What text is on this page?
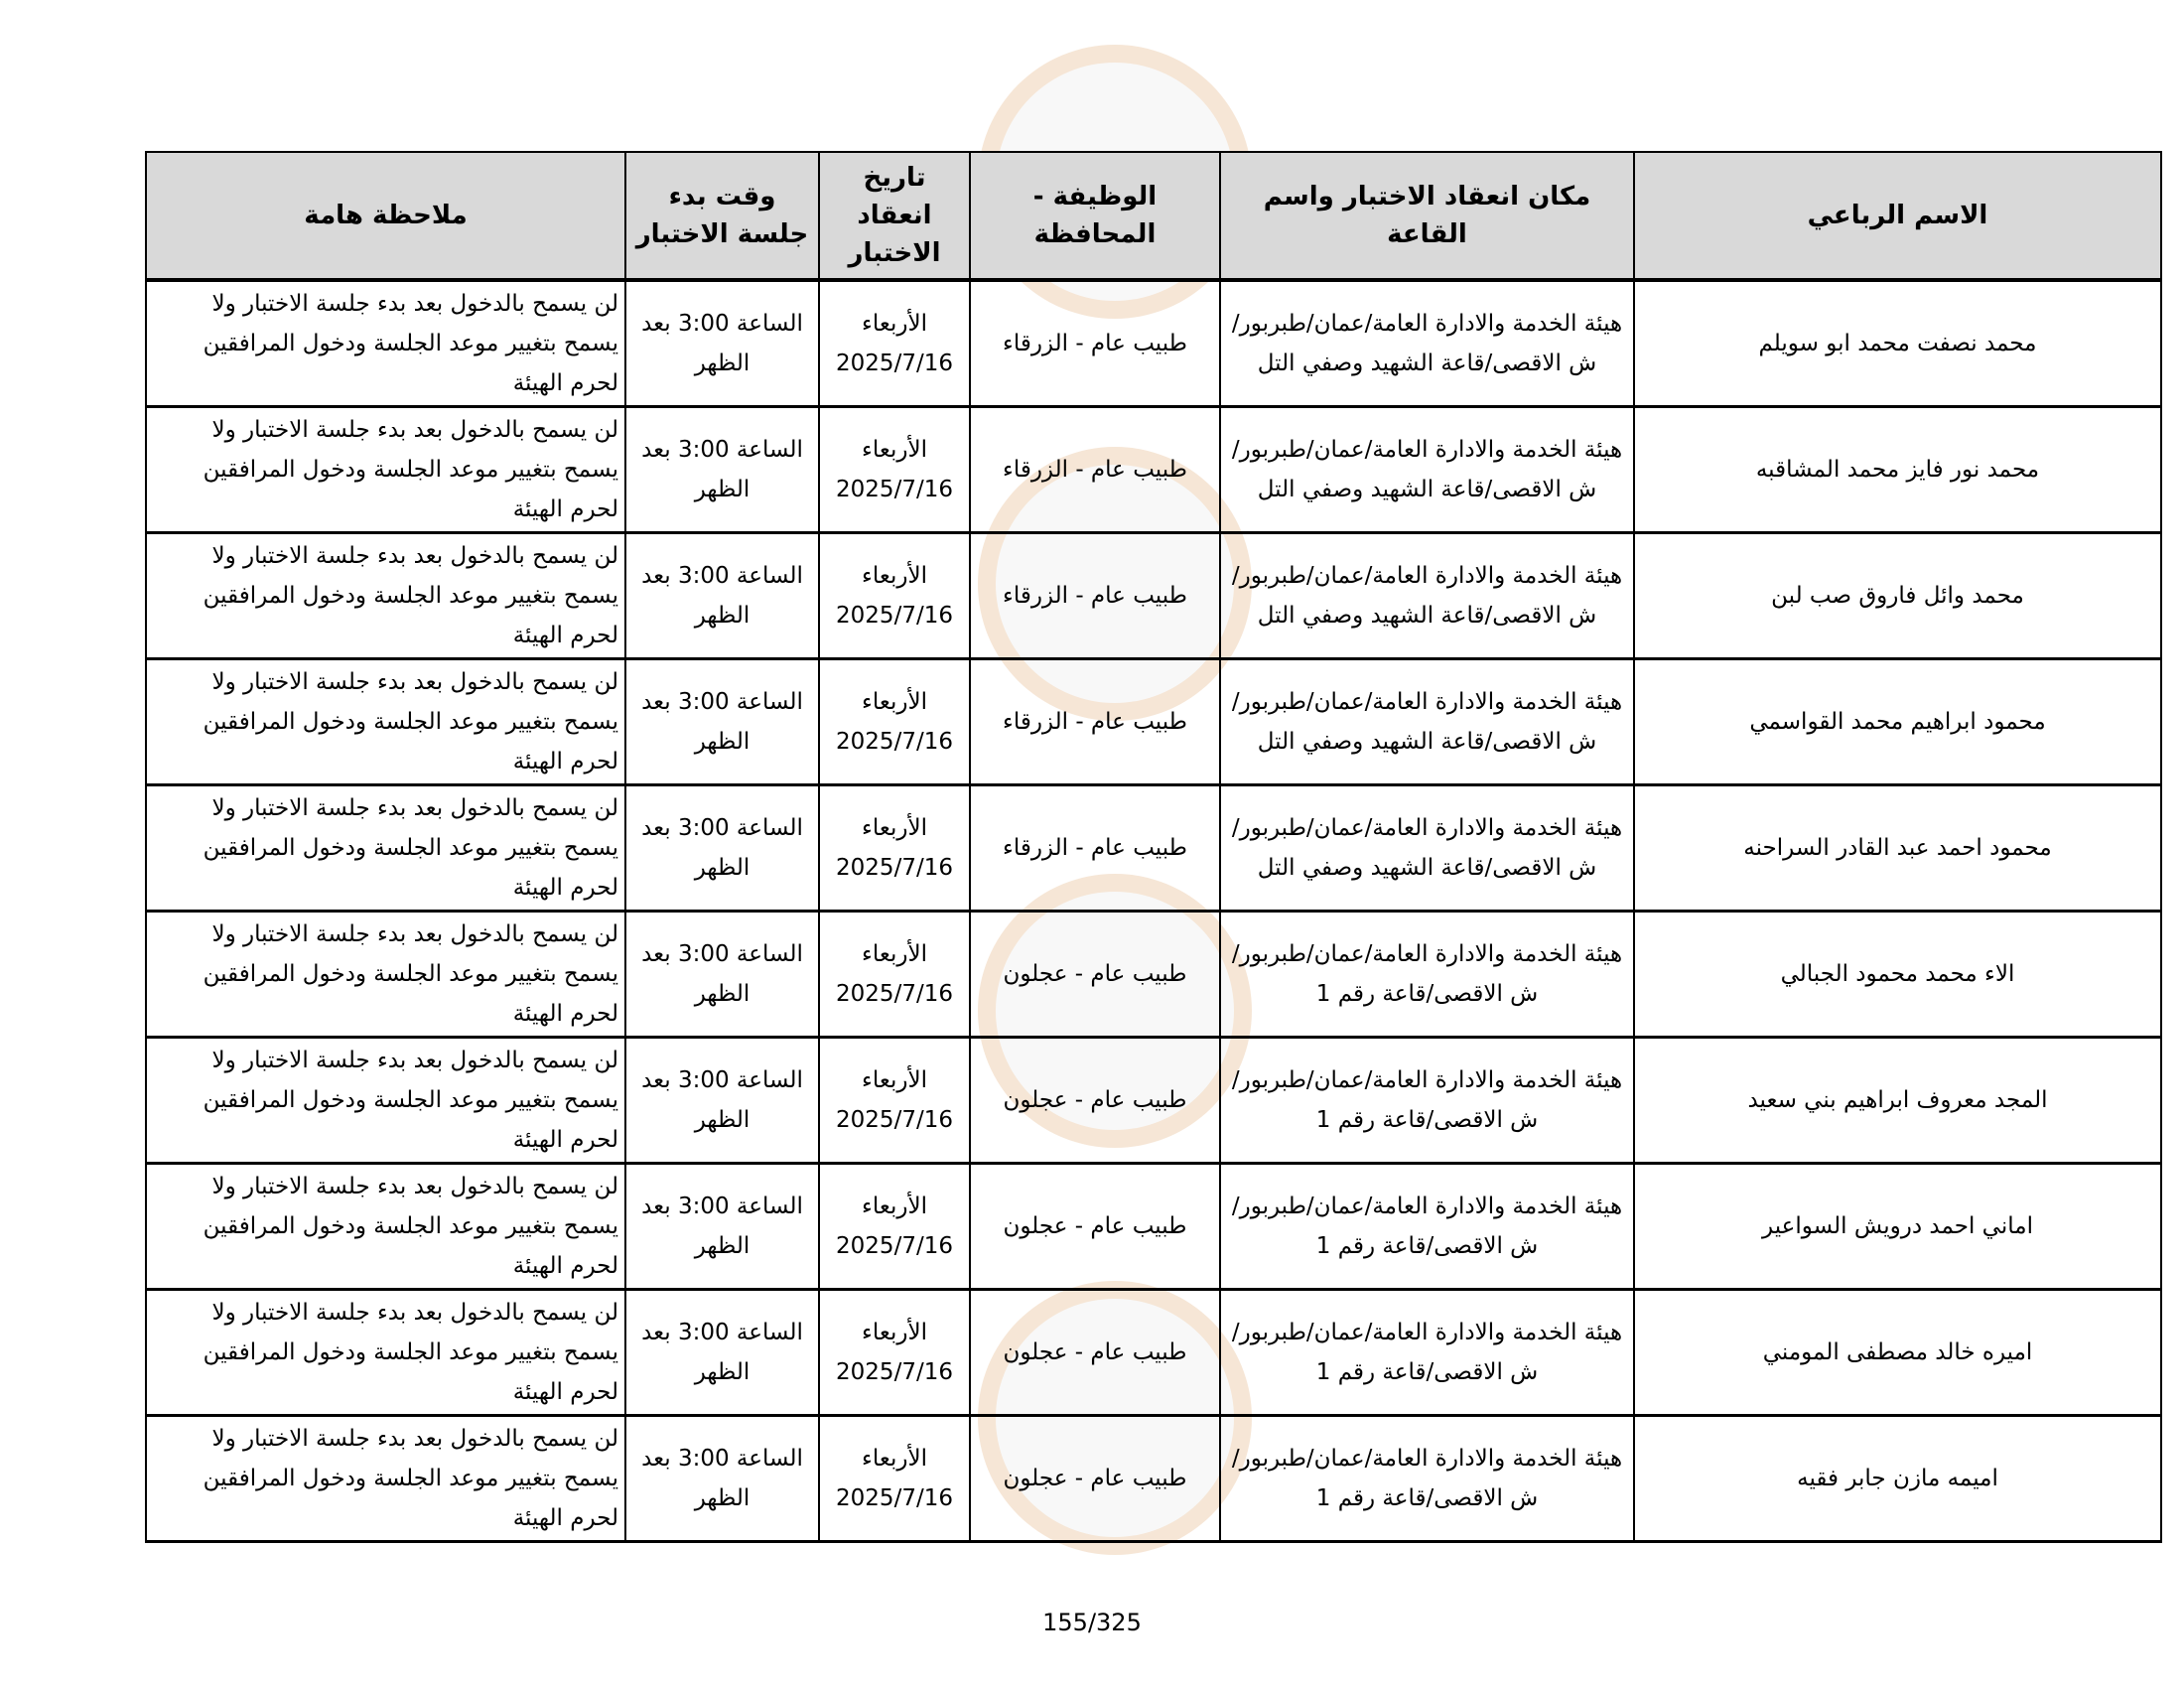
الاسم الرباعي	مكان انعقاد الاختبار واسم القاعة	الوظيفة - المحافظة	تاريخ انعقاد الاختبار	وقت بدء جلسة الاختبار	ملاحظة هامة
محمد نصفت محمد ابو سويلم	هيئة الخدمة والادارة العامة/عمان/طبربور/ش الاقصى/قاعة الشهيد وصفي التل	طبيب عام - الزرقاء	الأربعاء 2025/7/16	الساعة 3:00 بعد الظهر	لن يسمح بالدخول بعد بدء جلسة الاختبار ولا يسمح بتغيير موعد الجلسة ودخول المرافقين لحرم الهيئة
محمد نور فايز محمد المشاقبه	هيئة الخدمة والادارة العامة/عمان/طبربور/ش الاقصى/قاعة الشهيد وصفي التل	طبيب عام - الزرقاء	الأربعاء 2025/7/16	الساعة 3:00 بعد الظهر	لن يسمح بالدخول بعد بدء جلسة الاختبار ولا يسمح بتغيير موعد الجلسة ودخول المرافقين لحرم الهيئة
محمد وائل فاروق صب لبن	هيئة الخدمة والادارة العامة/عمان/طبربور/ش الاقصى/قاعة الشهيد وصفي التل	طبيب عام - الزرقاء	الأربعاء 2025/7/16	الساعة 3:00 بعد الظهر	لن يسمح بالدخول بعد بدء جلسة الاختبار ولا يسمح بتغيير موعد الجلسة ودخول المرافقين لحرم الهيئة
محمود ابراهيم محمد القواسمي	هيئة الخدمة والادارة العامة/عمان/طبربور/ش الاقصى/قاعة الشهيد وصفي التل	طبيب عام - الزرقاء	الأربعاء 2025/7/16	الساعة 3:00 بعد الظهر	لن يسمح بالدخول بعد بدء جلسة الاختبار ولا يسمح بتغيير موعد الجلسة ودخول المرافقين لحرم الهيئة
محمود احمد عبد القادر السراحنه	هيئة الخدمة والادارة العامة/عمان/طبربور/ش الاقصى/قاعة الشهيد وصفي التل	طبيب عام - الزرقاء	الأربعاء 2025/7/16	الساعة 3:00 بعد الظهر	لن يسمح بالدخول بعد بدء جلسة الاختبار ولا يسمح بتغيير موعد الجلسة ودخول المرافقين لحرم الهيئة
الاء محمد محمود الجبالي	هيئة الخدمة والادارة العامة/عمان/طبربور/ش الاقصى/قاعة رقم 1	طبيب عام - عجلون	الأربعاء 2025/7/16	الساعة 3:00 بعد الظهر	لن يسمح بالدخول بعد بدء جلسة الاختبار ولا يسمح بتغيير موعد الجلسة ودخول المرافقين لحرم الهيئة
المجد معروف ابراهيم بني سعيد	هيئة الخدمة والادارة العامة/عمان/طبربور/ش الاقصى/قاعة رقم 1	طبيب عام - عجلون	الأربعاء 2025/7/16	الساعة 3:00 بعد الظهر	لن يسمح بالدخول بعد بدء جلسة الاختبار ولا يسمح بتغيير موعد الجلسة ودخول المرافقين لحرم الهيئة
اماني احمد درويش السواعير	هيئة الخدمة والادارة العامة/عمان/طبربور/ش الاقصى/قاعة رقم 1	طبيب عام - عجلون	الأربعاء 2025/7/16	الساعة 3:00 بعد الظهر	لن يسمح بالدخول بعد بدء جلسة الاختبار ولا يسمح بتغيير موعد الجلسة ودخول المرافقين لحرم الهيئة
اميره خالد مصطفى المومني	هيئة الخدمة والادارة العامة/عمان/طبربور/ش الاقصى/قاعة رقم 1	طبيب عام - عجلون	الأربعاء 2025/7/16	الساعة 3:00 بعد الظهر	لن يسمح بالدخول بعد بدء جلسة الاختبار ولا يسمح بتغيير موعد الجلسة ودخول المرافقين لحرم الهيئة
اميمه مازن جابر فقيه	هيئة الخدمة والادارة العامة/عمان/طبربور/ش الاقصى/قاعة رقم 1	طبيب عام - عجلون	الأربعاء 2025/7/16	الساعة 3:00 بعد الظهر	لن يسمح بالدخول بعد بدء جلسة الاختبار ولا يسمح بتغيير موعد الجلسة ودخول المرافقين لحرم الهيئة
155/325
